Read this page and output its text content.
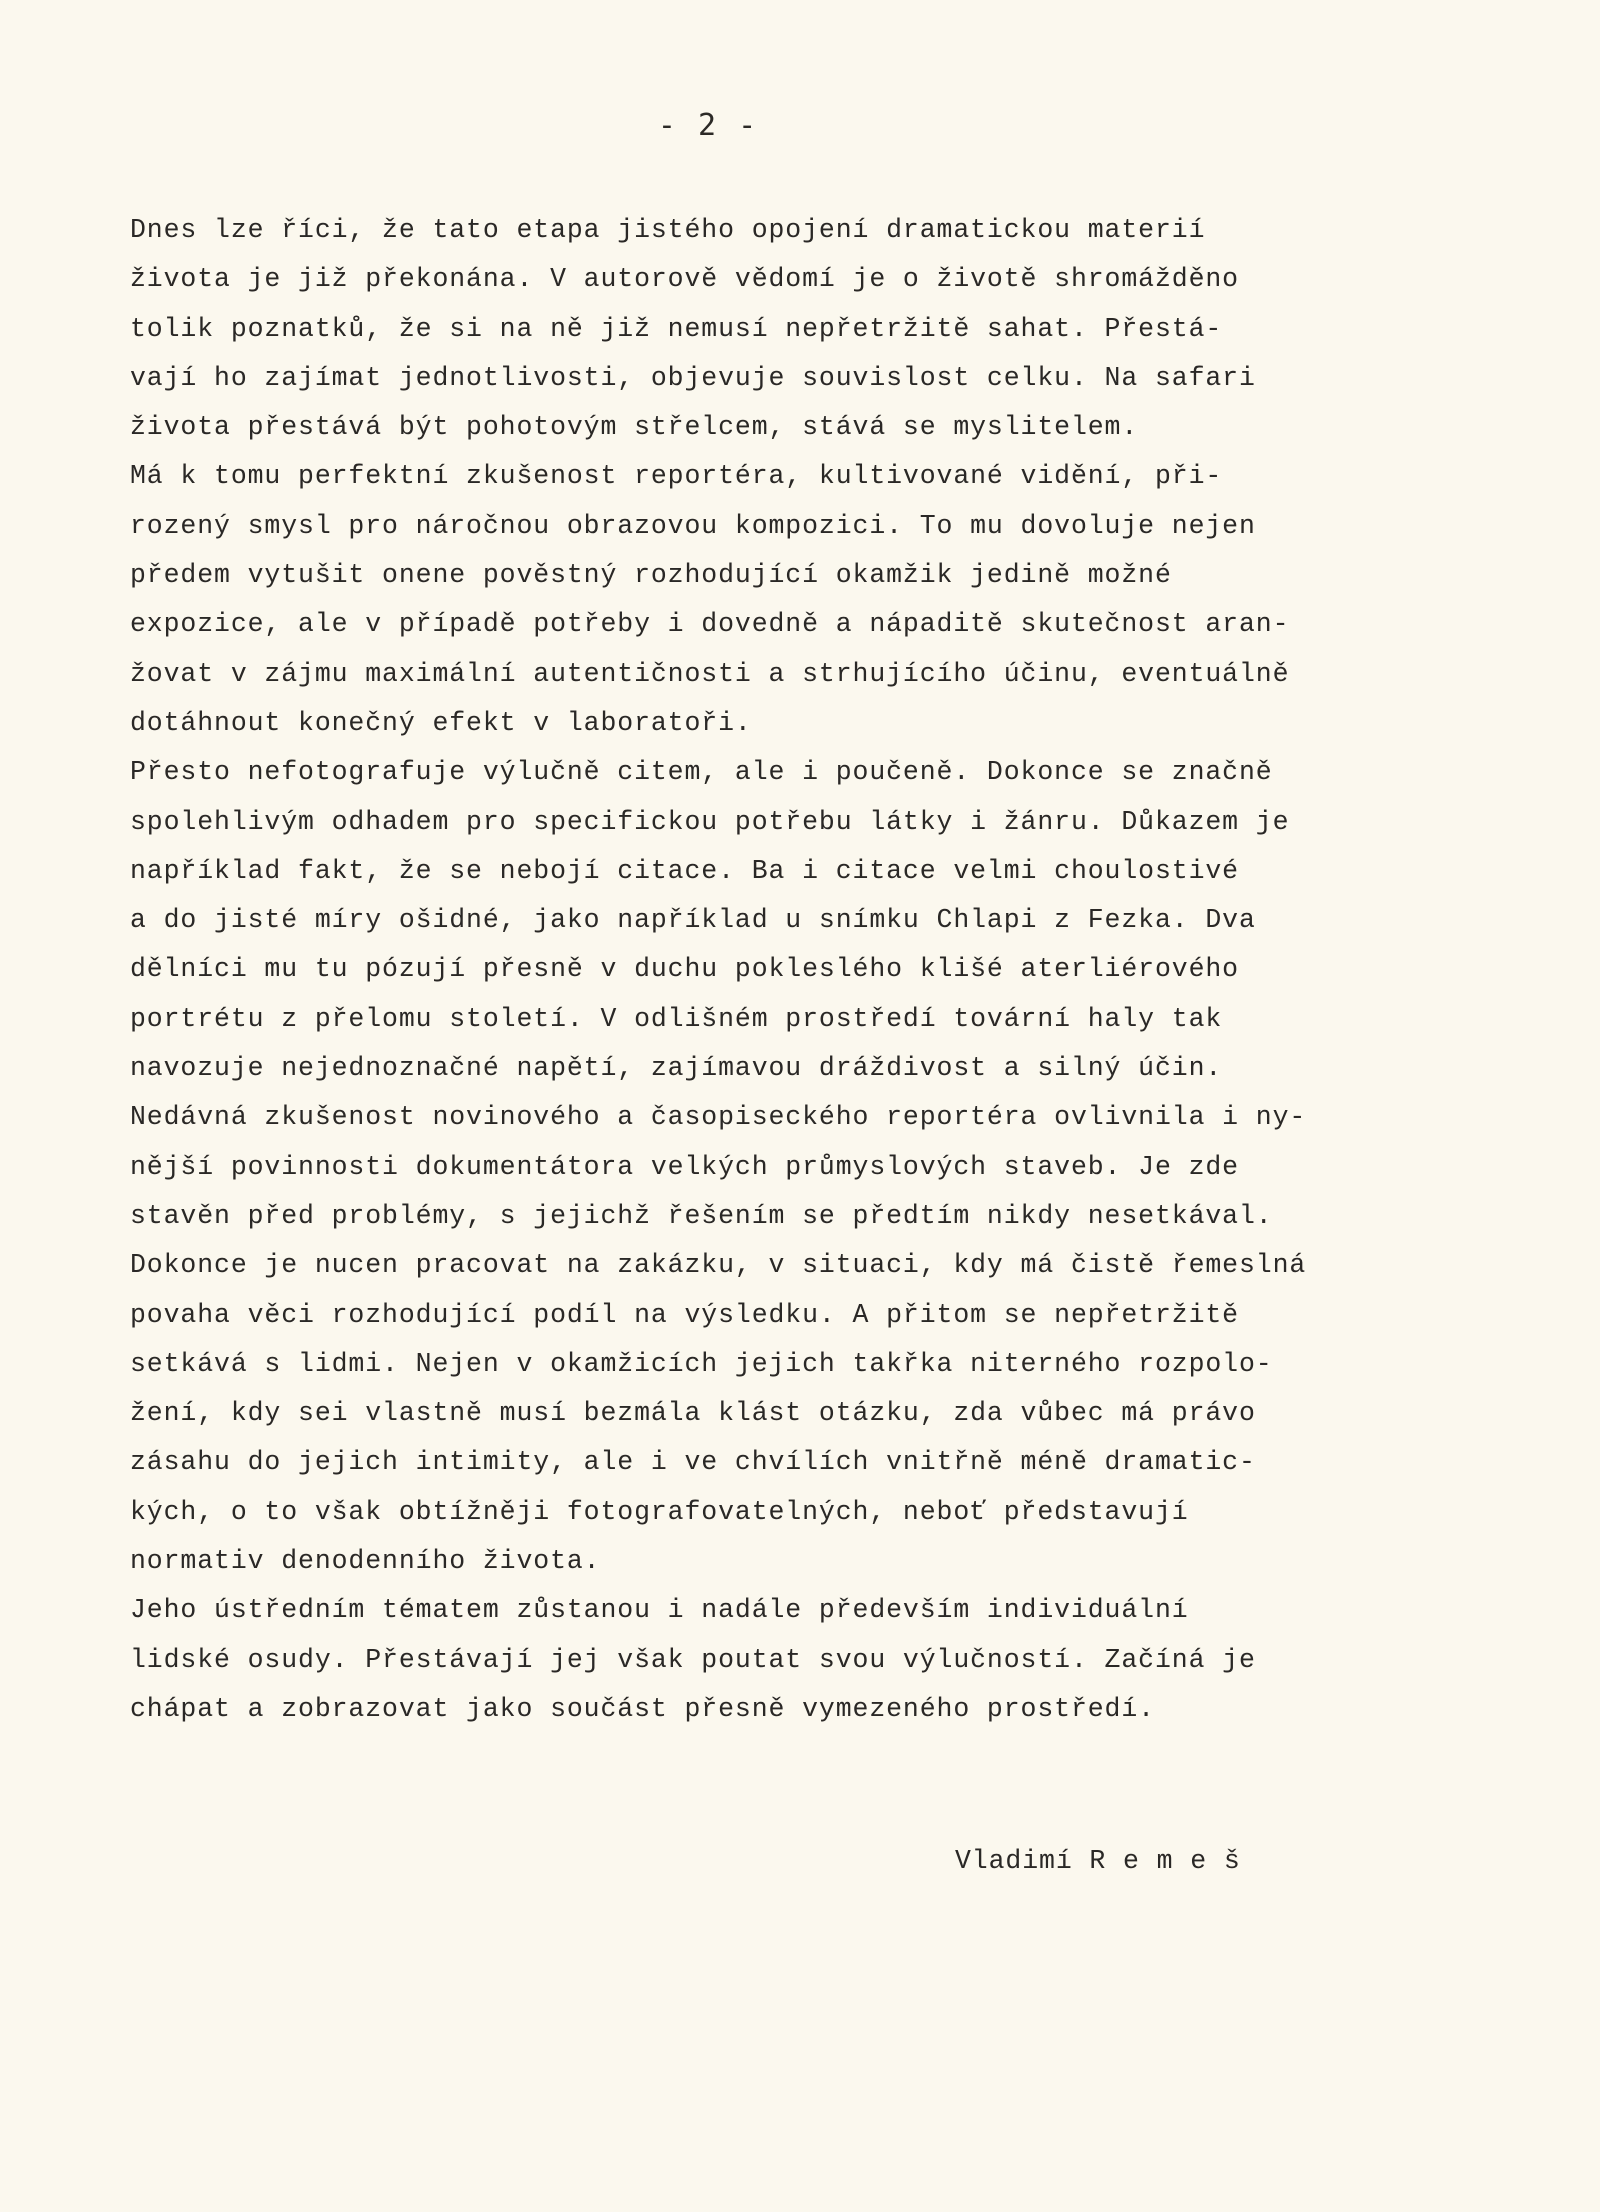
- 2 -
Dnes lze říci, že tato etapa jistého opojení dramatickou materií
života je již překonána. V autorově vědomí je o životě shromážděno
tolik poznatků, že si na ně již nemusí nepřetržitě sahat. Přestá-
vají ho zajímat jednotlivosti, objevuje souvislost celku. Na safari
života přestává být pohotovým střelcem, stává se myslitelem.
Má k tomu perfektní zkušenost reportéra, kultivované vidění, při-
rozený smysl pro náročnou obrazovou kompozici. To mu dovoluje nejen
předem vytušit onene pověstný rozhodující okamžik jedině možné
expozice, ale v případě potřeby i dovedně a nápaditě skutečnost aran-
žovat v zájmu maximální autentičnosti a strhujícího účinu, eventuálně
dotáhnout konečný efekt v laboratoři.
Přesto nefotografuje výlučně citem, ale i poučeně. Dokonce se značně
spolehlivým odhadem pro specifickou potřebu látky i žánru. Důkazem je
například fakt, že se nebojí citace. Ba i citace velmi choulostivé
a do jisté míry ošidné, jako například u snímku Chlapi z Fezka. Dva
dělníci mu tu pózují přesně v duchu pokleslého klišé aterliérového
portrétu z přelomu století. V odlišném prostředí tovární haly tak
navozuje nejednoznačné napětí, zajímavou dráždivost a silný účin.
Nedávná zkušenost novinového a časopiseckého reportéra ovlivnila i ny-
nější povinnosti dokumentátora velkých průmyslových staveb. Je zde
stavěn před problémy, s jejichž řešením se předtím nikdy nesetkával.
Dokonce je nucen pracovat na zakázku, v situaci, kdy má čistě řemeslná
povaha věci rozhodující podíl na výsledku. A přitom se nepřetržitě
setkává s lidmi. Nejen v okamžicích jejich takřka niterného rozpolo-
žení, kdy sei vlastně musí bezmála klást otázku, zda vůbec má právo
zásahu do jejich intimity, ale i ve chvílích vnitřně méně dramatic-
kých, o to však obtížněji fotografovatelných, neboť představují
normativ denodenního života.
Jeho ústředním tématem zůstanou i nadále především individuální
lidské osudy. Přestávají jej však poutat svou výlučností. Začíná je
chápat a zobrazovat jako součást přesně vymezeného prostředí.
Vladimí R e m e š
